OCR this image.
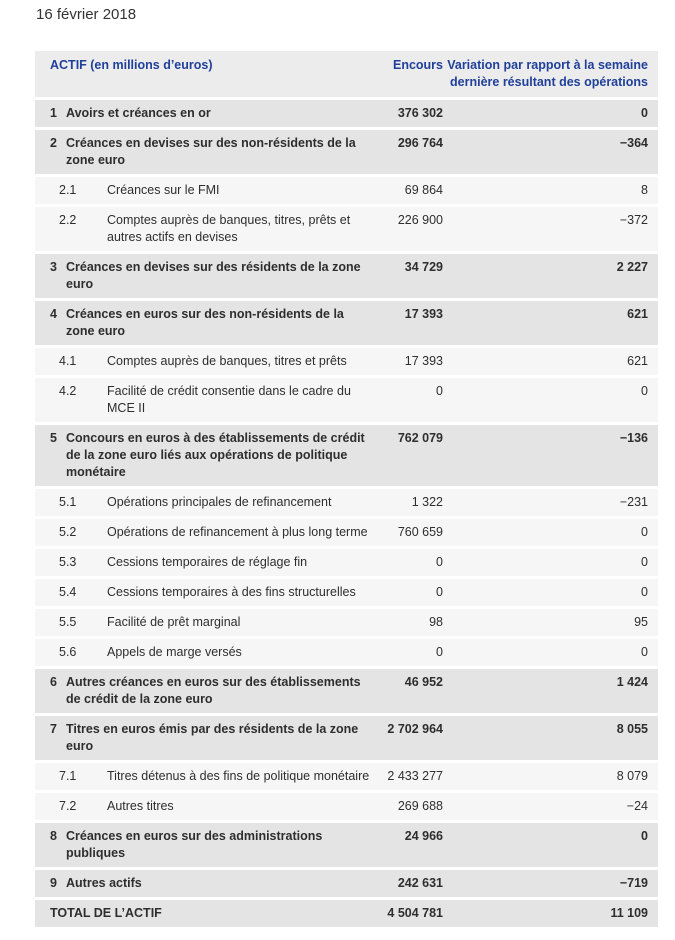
16 février 2018
ACTIF (en millions d’euros)	Encours	Variation par rapport à la semaine dernière résultant des opérations

1 Avoirs et créances en or	376 302	0

2 Créances en devises sur des non-résidents de la zone euro	296 764	−364

2.1 Créances sur le FMI	69 864	8

2.2 Comptes auprès de banques, titres, prêts et autres actifs en devises	226 900	−372

3 Créances en devises sur des résidents de la zone euro	34 729	2 227

4 Créances en euros sur des non-résidents de la zone euro	17 393	621

4.1 Comptes auprès de banques, titres et prêts	17 393	621

4.2 Facilité de crédit consentie dans le cadre du MCE II	0	0

5 Concours en euros à des établissements de crédit de la zone euro liés aux opérations de politique monétaire	762 079	−136

5.1 Opérations principales de refinancement	1 322	−231

5.2 Opérations de refinancement à plus long terme	760 659	0

5.3 Cessions temporaires de réglage fin	0	0

5.4 Cessions temporaires à des fins structurelles	0	0

5.5 Facilité de prêt marginal	98	95

5.6 Appels de marge versés	0	0

6 Autres créances en euros sur des établissements de crédit de la zone euro	46 952	1 424

7 Titres en euros émis par des résidents de la zone euro	2 702 964	8 055

7.1 Titres détenus à des fins de politique monétaire	2 433 277	8 079

7.2 Autres titres	269 688	−24

8 Créances en euros sur des administrations publiques	24 966	0

9 Autres actifs	242 631	−719
TOTAL DE L’ACTIF	4 504 781	11 109
